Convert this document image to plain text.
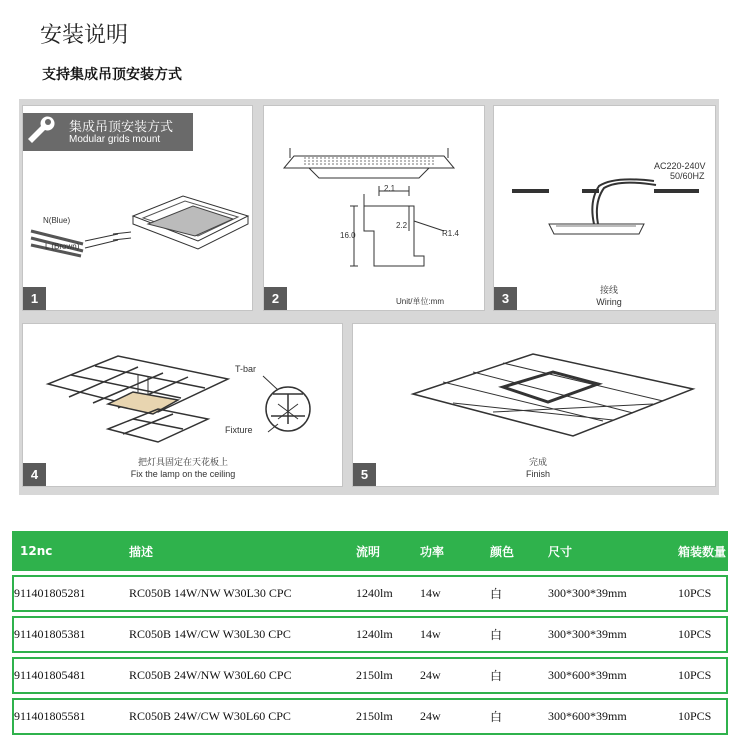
安装说明
支持集成吊顶安装方式
集成吊顶安装方式
Modular grids mount
N(Blue)
L (Brown)
1
2.1
16.0
2.2
R1.4
Unit/单位:mm
2
AC220-240V
50/60HZ
接线
Wiring
3
T-bar
Fixture
把灯具固定在天花板上
Fix the lamp on the ceiling
4
完成
Finish
5
12nc	描述	流明	功率	颜色	尺寸	箱装数量
911401805281	RC050B 14W/NW W30L30 CPC	1240lm	14w	白	300*300*39mm	10PCS
911401805381	RC050B 14W/CW W30L30 CPC	1240lm	14w	白	300*300*39mm	10PCS
911401805481	RC050B 24W/NW W30L60 CPC	2150lm	24w	白	300*600*39mm	10PCS
911401805581	RC050B 24W/CW W30L60 CPC	2150lm	24w	白	300*600*39mm	10PCS
